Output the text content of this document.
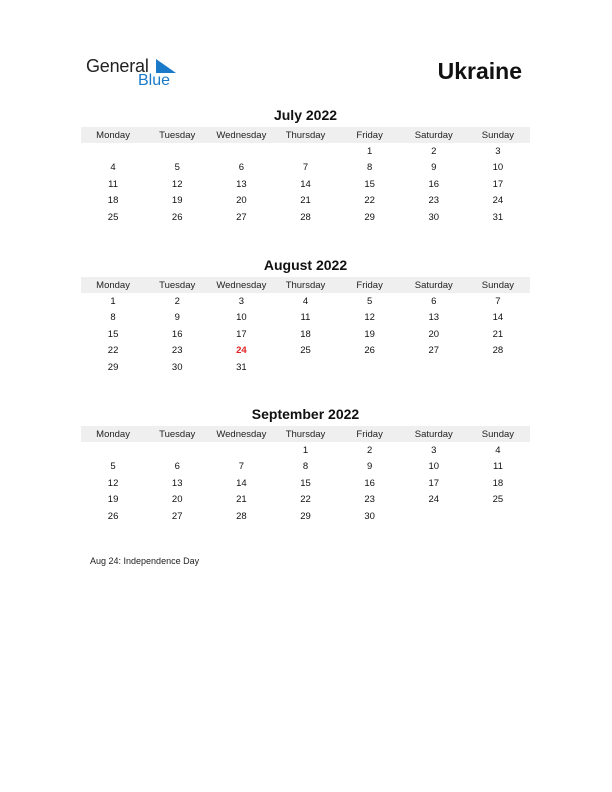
General
Blue	Ukraine
July 2022
Monday	Tuesday	Wednesday	Thursday	Friday	Saturday	Sunday
				1	2	3
4	5	6	7	8	9	10
11	12	13	14	15	16	17
18	19	20	21	22	23	24
25	26	27	28	29	30	31
August 2022
Monday	Tuesday	Wednesday	Thursday	Friday	Saturday	Sunday
1	2	3	4	5	6	7
8	9	10	11	12	13	14
15	16	17	18	19	20	21
22	23	24	25	26	27	28
29	30	31				
September 2022
Monday	Tuesday	Wednesday	Thursday	Friday	Saturday	Sunday
			1	2	3	4
5	6	7	8	9	10	11
12	13	14	15	16	17	18
19	20	21	22	23	24	25
26	27	28	29	30		
Aug 24: Independence Day
